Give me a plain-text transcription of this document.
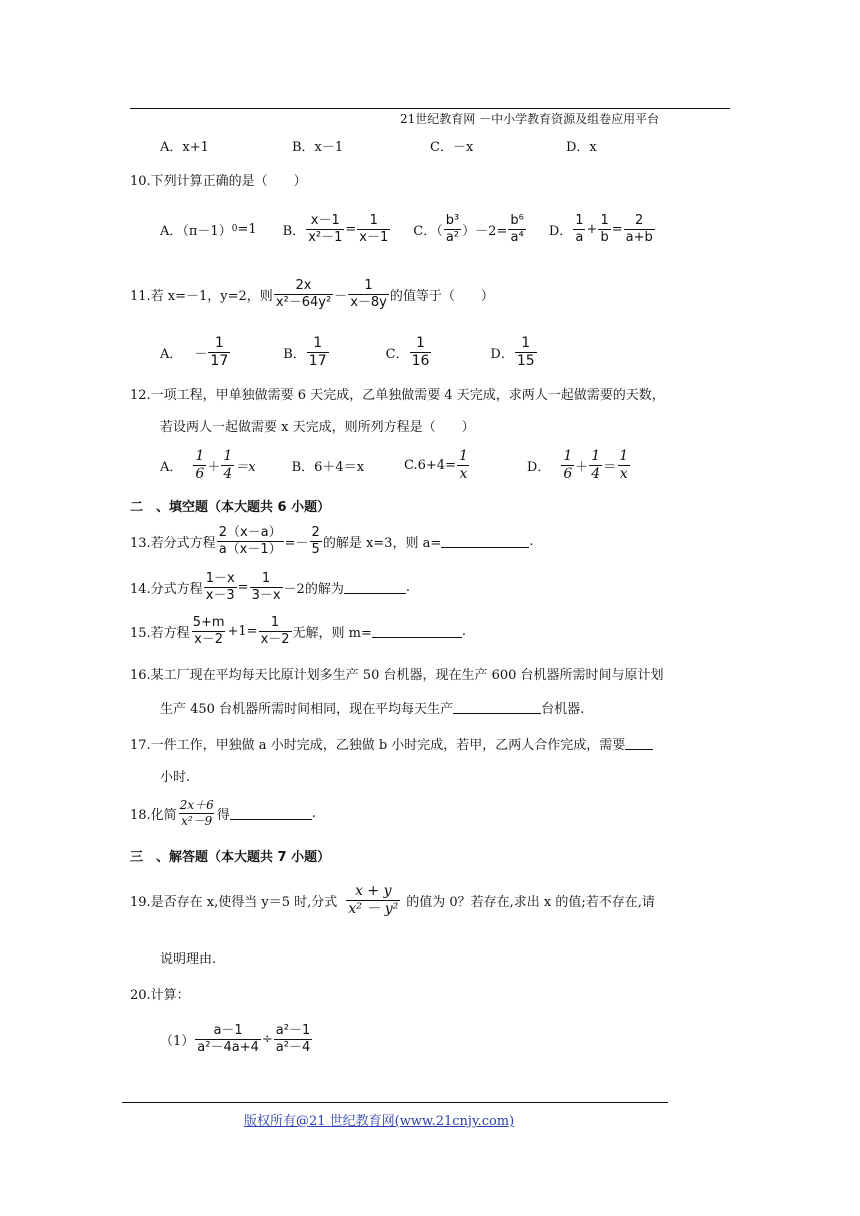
21世纪教育网 －中小学教育资源及组卷应用平台
A．x+1	B．x－1	C．－x	D．x
10.下列计算正确的是（　　）
A．（π－1） 0 =1 B． $\frac{x-1}{\text{x²－1}} = \frac{1}{x-1}$ C．（ $\frac{\text{b³}}{\text{a²}} )-2= \frac{\text{b⁶}}{\text{a⁴}}$ D． $\frac{1}{a} + \frac{1}{b} = \frac{2}{a+b}$
11.若 x=－1，y=2，则 $\frac{2x}{\text{x²－64y²}} - \frac{1}{x-8y}$ 的值等于（　　）
A． － $\frac{1}{17}$	B． $\frac{1}{17}$	C． $\frac{1}{16}$	D． $\frac{1}{15}$
12.一项工程，甲单独做需要 6 天完成，乙单独做需要 4 天完成，求两人一起做需要的天数，
若设两人一起做需要 x 天完成，则所列方程是（　　）
A． $\frac{1}{6} + \frac{1}{4} =x$	B．6＋4＝x	$C.6+4= \frac{1}{x}$	D． $\frac{1}{6} + \frac{1}{4} = \frac{1}{x}$
二　、填空题（本大题共 6 小题）
13.若分式方程 $\frac{2(x-a)}{a(x-1)} =- \frac{2}{5}$ 的解是 x=3，则 a=	.
14.分式方程 $\frac{1-x}{x-3} = \frac{1}{3-x} -2$ 的解为	.
15.若方程 $\frac{5+m}{x-2} +1= \frac{1}{x-2}$ 无解，则 m=	.
16.某工厂现在平均每天比原计划多生产 50 台机器，现在生产 600 台机器所需时间与原计划
生产 450 台机器所需时间相同，现在平均每天生产	台机器.
17.一件工作，甲独做 a 小时完成，乙独做 b 小时完成，若甲，乙两人合作完成，需要
小时.
18.化简 $\frac{2x+6}{\text{x²－9}}$ 得	.
三　、解答题（本大题共 7 小题）
19.是否存在 x,使得当 y＝5 时,分式 $\frac{x + y}{\text{x² － y²}}$ 的值为 0？若存在,求出 x 的值;若不存在,请
说明理由.
20.计算：
$(1) \frac{a-1}{\text{a²－4a+4}} \div \frac{\text{a²－1}}{\text{a²－4}}$
版权所有@21 世纪教育网(www.21cnjy.com)
